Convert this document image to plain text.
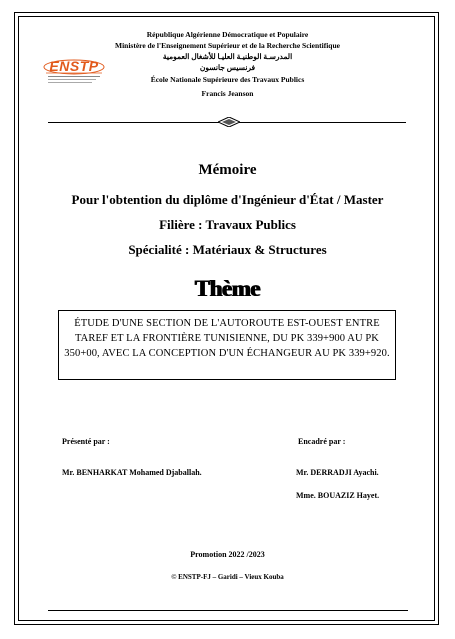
République Algérienne Démocratique et Populaire
Ministère de l'Enseignement Supérieur et de la Recherche Scientifique
ENSTP
المدرسـة الوطنيـة العليـا للأشغال العمومية
فرنسيس جانسون
École Nationale Supérieure des Travaux Publics
Francis Jeanson
Mémoire
Pour l'obtention du diplôme d'Ingénieur d'État / Master
Filière : Travaux Publics
Spécialité : Matériaux & Structures
Thème
ÉTUDE D'UNE SECTION DE L'AUTOROUTE EST-OUEST ENTRE TAREF ET LA FRONTIÈRE TUNISIENNE, DU PK 339+900 AU PK 350+00, AVEC LA CONCEPTION D'UN ÉCHANGEUR AU PK 339+920.
Présenté par :	Encadré par :
Mr. BENHARKAT Mohamed Djaballah.	Mr. DERRADJI Ayachi.
Mme. BOUAZIZ Hayet.
Promotion 2022 /2023
© ENSTP-FJ – Garidi – Vieux Kouba
